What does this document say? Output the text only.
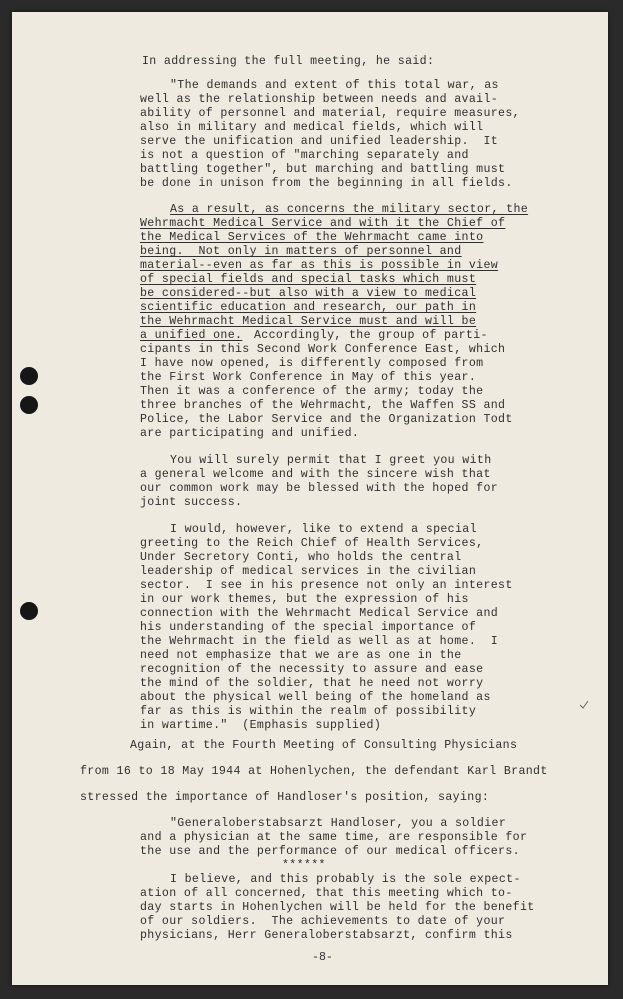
In addressing the full meeting, he said:
"The demands and extent of this total war, as
well as the relationship between needs and avail-
ability of personnel and material, require measures,
also in military and medical fields, which will
serve the unification and unified leadership.  It
is not a question of "marching separately and
battling together", but marching and battling must
be done in unison from the beginning in all fields.
As a result, as concerns the military sector, the
Wehrmacht Medical Service and with it the Chief of
the Medical Services of the Wehrmacht came into
being.  Not only in matters of personnel and
material--even as far as this is possible in view
of special fields and special tasks which must
be considered--but also with a view to medical
scientific education and research, our path in
the Wehrmacht Medical Service must and will be
a unified one. Accordingly, the group of parti-
cipants in this Second Work Conference East, which
I have now opened, is differently composed from
the First Work Conference in May of this year.
Then it was a conference of the army; today the
three branches of the Wehrmacht, the Waffen SS and
Police, the Labor Service and the Organization Todt
are participating and unified.
You will surely permit that I greet you with
a general welcome and with the sincere wish that
our common work may be blessed with the hoped for
joint success.
I would, however, like to extend a special
greeting to the Reich Chief of Health Services,
Under Secretory Conti, who holds the central
leadership of medical services in the civilian
sector.  I see in his presence not only an interest
in our work themes, but the expression of his
connection with the Wehrmacht Medical Service and
his understanding of the special importance of
the Wehrmacht in the field as well as at home.  I
need not emphasize that we are as one in the
recognition of the necessity to assure and ease
the mind of the soldier, that he need not worry
about the physical well being of the homeland as
far as this is within the realm of possibility
in wartime."  (Emphasis supplied)
Again, at the Fourth Meeting of Consulting Physicians
from 16 to 18 May 1944 at Hohenlychen, the defendant Karl Brandt
stressed the importance of Handloser's position, saying:
"Generaloberstabsarzt Handloser, you a soldier
and a physician at the same time, are responsible for
the use and the performance of our medical officers.
******
I believe, and this probably is the sole expect-
ation of all concerned, that this meeting which to-
day starts in Hohenlychen will be held for the benefit
of our soldiers.  The achievements to date of your
physicians, Herr Generaloberstabsarzt, confirm this
-8-
